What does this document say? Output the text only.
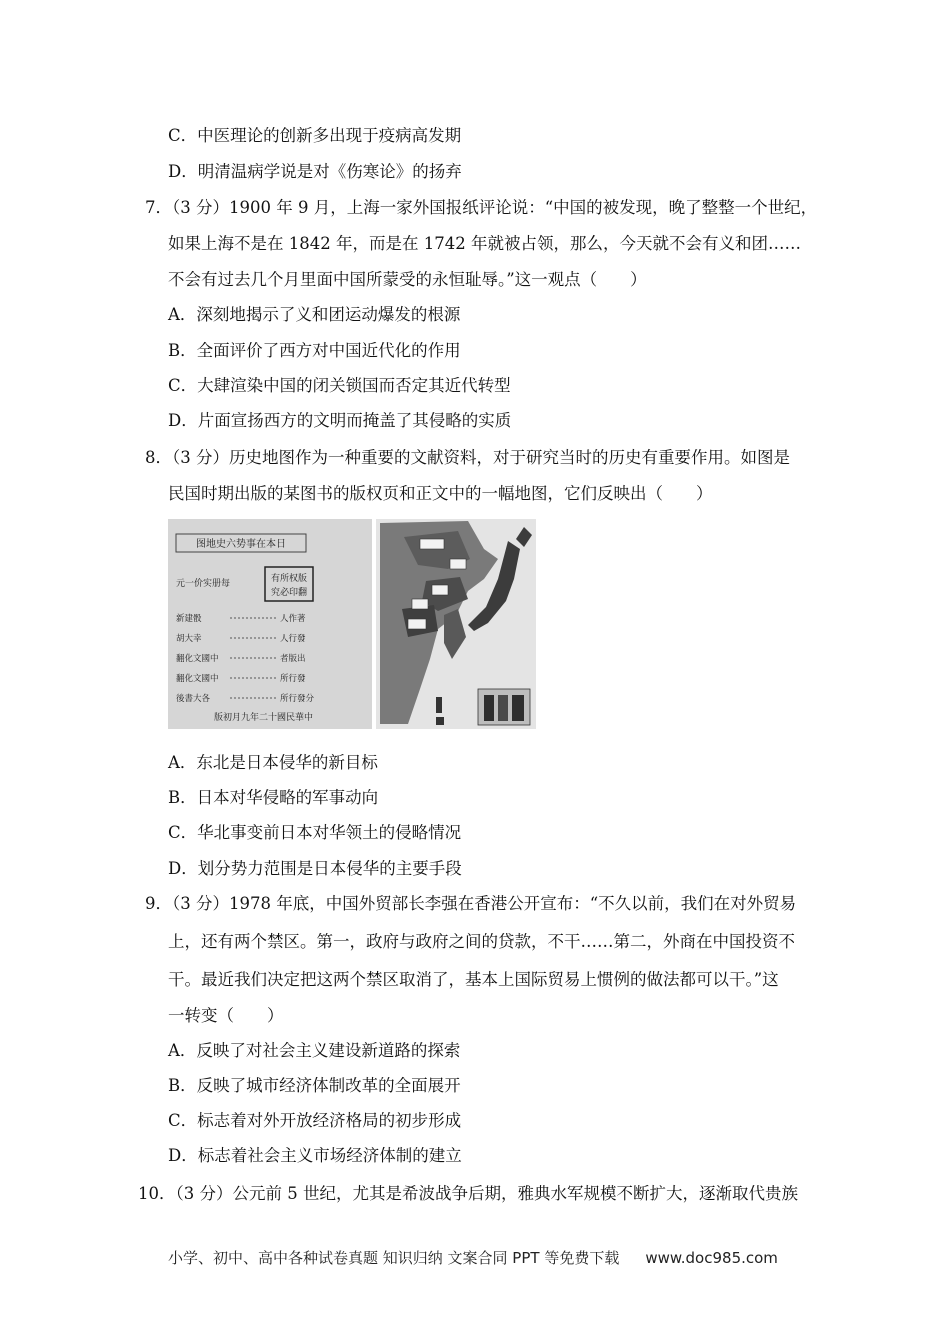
C．中医理论的创新多出现于疫病高发期
D．明清温病学说是对《伤寒论》的扬弃
7．（3 分）1900 年 9 月，上海一家外国报纸评论说：“中国的被发现，晚了整整一个世纪，
如果上海不是在 1842 年，而是在 1742 年就被占领，那么，今天就不会有义和团……
不会有过去几个月里面中国所蒙受的永恒耻辱。”这一观点（　　）
A．深刻地揭示了义和团运动爆发的根源
B．全面评价了西方对中国近代化的作用
C．大肆渲染中国的闭关锁国而否定其近代转型
D．片面宣扬西方的文明而掩盖了其侵略的实质
8．（3 分）历史地图作为一种重要的文献资料，对于研究当时的历史有重要作用。如图是
民国时期出版的某图书的版权页和正文中的一幅地图，它们反映出（　　）
图地史六势事在本日
有所权版
究必印翻
元一价实册每
新建骰	人作著
胡大幸	人行發
翻化文國中	者版出
翻化文國中	所行發
後書大各	所行發分
版初月九年二十國民華中
A．东北是日本侵华的新目标
B．日本对华侵略的军事动向
C．华北事变前日本对华领土的侵略情况
D．划分势力范围是日本侵华的主要手段
9．（3 分）1978 年底，中国外贸部长李强在香港公开宣布：“不久以前，我们在对外贸易
上，还有两个禁区。第一，政府与政府之间的贷款，不干……第二，外商在中国投资不
干。最近我们决定把这两个禁区取消了，基本上国际贸易上惯例的做法都可以干。”这
一转变（　　）
A．反映了对社会主义建设新道路的探索
B．反映了城市经济体制改革的全面展开
C．标志着对外开放经济格局的初步形成
D．标志着社会主义市场经济体制的建立
10．（3 分）公元前 5 世纪，尤其是希波战争后期，雅典水军规模不断扩大，逐渐取代贵族
小学、初中、高中各种试卷真题 知识归纳 文案合同 PPT 等免费下载 www.doc985.com
